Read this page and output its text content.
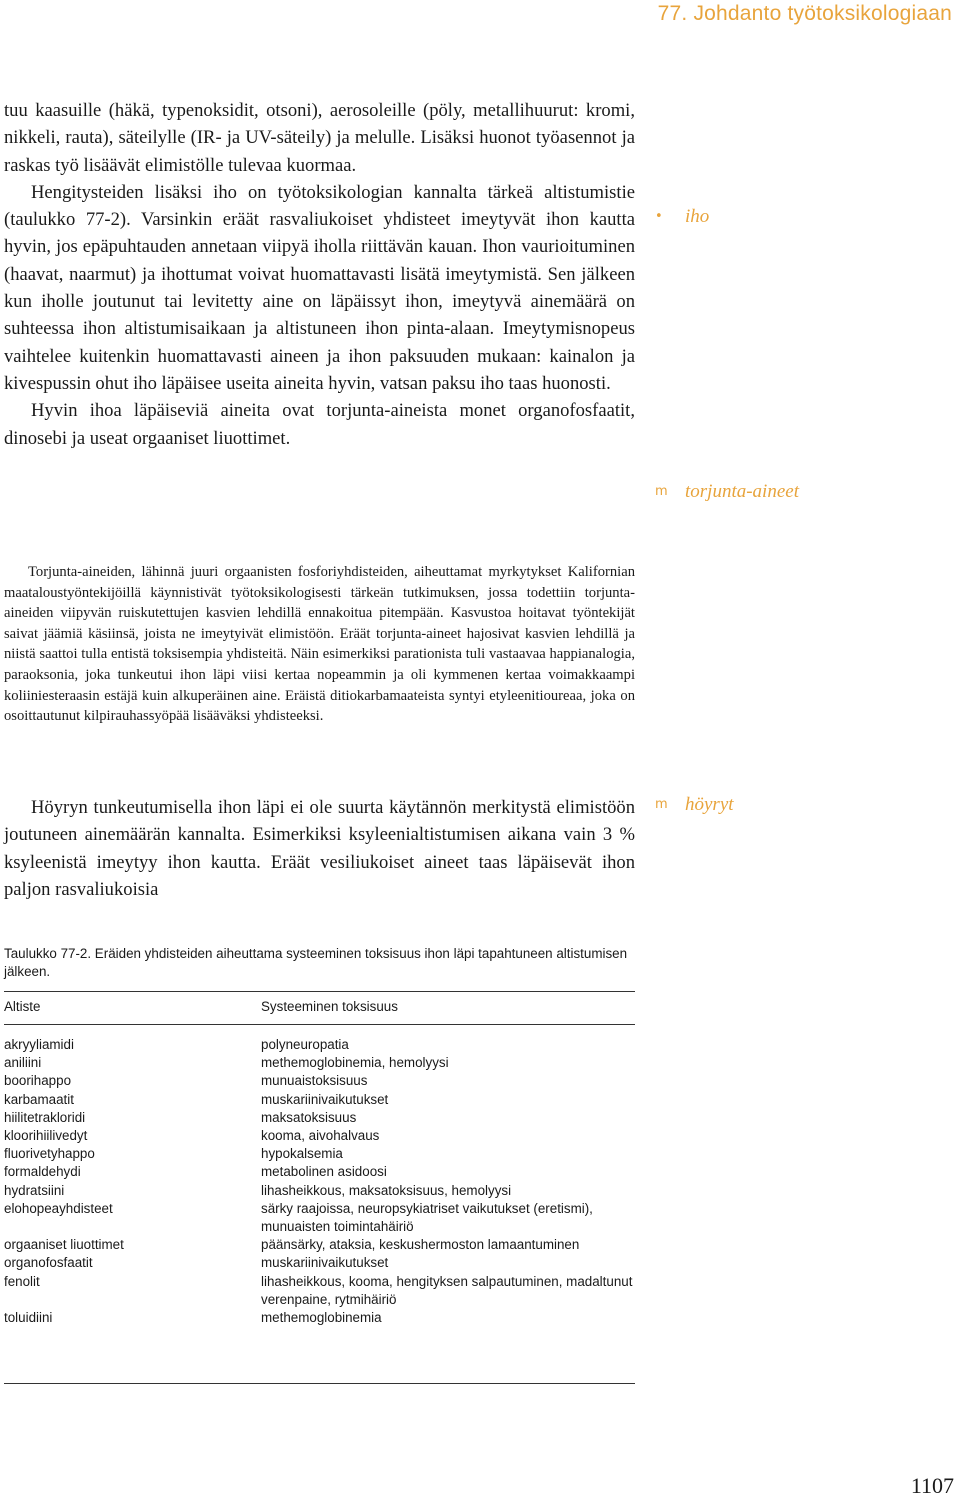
77. Johdanto työtoksikologiaan

tuu kaasuille (häkä, typenoksidit, otsoni), aerosoleille (pöly, metallihuurut: kromi, nikkeli, rauta), säteilylle (IR- ja UV-säteily) ja melulle. Lisäksi huonot työasennot ja raskas työ lisäävät elimistölle tulevaa kuormaa.

Hengitysteiden lisäksi iho on työtoksikologian kannalta tärkeä altistumistie (taulukko 77-2). Varsinkin eräät rasvaliukoiset yhdisteet imeytyvät ihon kautta hyvin, jos epäpuhtauden annetaan viipyä iholla riittävän kauan. Ihon vaurioituminen (haavat, naarmut) ja ihottumat voivat huomattavasti lisätä imeytymistä. Sen jälkeen kun iholle joutunut tai levitetty aine on läpäissyt ihon, imeytyvä ainemäärä on suhteessa ihon altistumisaikaan ja altistuneen ihon pinta-alaan. Imeytymisnopeus vaihtelee kuitenkin huomattavasti aineen ja ihon paksuuden mukaan: kainalon ja kivespussin ohut iho läpäisee useita aineita hyvin, vatsan paksu iho taas huonosti.

Hyvin ihoa läpäiseviä aineita ovat torjunta-aineista monet organofosfaatit, dinosebi ja useat orgaaniset liuottimet.

• iho
m torjunta-aineet
m höyryt

Torjunta-aineiden, lähinnä juuri orgaanisten fosforiyhdisteiden, aiheuttamat myrkytykset Kalifornian maataloustyöntekijöillä käynnistivät työtoksikologisesti tärkeän tutkimuksen, jossa todettiin torjunta-aineiden viipyvän ruiskutettujen kasvien lehdillä ennakoitua pitempään. Kasvustoa hoitavat työntekijät saivat jäämiä käsiinsä, joista ne imeytyivät elimistöön. Eräät torjunta-aineet hajosivat kasvien lehdillä ja niistä saattoi tulla entistä toksisempia yhdisteitä. Näin esimerkiksi parationista tuli vastaavaa happianalogia, paraoksonia, joka tunkeutui ihon läpi viisi kertaa nopeammin ja oli kymmenen kertaa voimakkaampi koliiniesteraasin estäjä kuin alkuperäinen aine. Eräistä ditiokarbamaateista syntyi etyleenitioureaa, joka on osoittautunut kilpirauhassyöpää lisääväksi yhdisteeksi.

Höyryn tunkeutumisella ihon läpi ei ole suurta käytännön merkitystä elimistöön joutuneen ainemäärän kannalta. Esimerkiksi ksyleenialtistumisen aikana vain 3 % ksyleenistä imeytyy ihon kautta. Eräät vesiliukoiset aineet taas läpäisevät ihon paljon rasvaliukoisia

Taulukko 77-2. Eräiden yhdisteiden aiheuttama systeeminen toksisuus ihon läpi tapahtuneen altistumisen jälkeen.
Altiste	Systeeminen toksisuus
akryyliamidi	polyneuropatia
aniliini	methemoglobinemia, hemolyysi
boorihappo	munuaistoksisuus
karbamaatit	muskariinivaikutukset
hiilitetrakloridi	maksatoksisuus
kloorihiilivedyt	kooma, aivohalvaus
fluorivetyhappo	hypokalsemia
formaldehydi	metabolinen asidoosi
hydratsiini	lihasheikkous, maksatoksisuus, hemolyysi
elohopeayhdisteet	särky raajoissa, neuropsykiatriset vaikutukset (eretismi), munuaisten toimintahäiriö
orgaaniset liuottimet	päänsärky, ataksia, keskushermoston lamaantuminen
organofosfaatit	muskariinivaikutukset
fenolit	lihasheikkous, kooma, hengityksen salpautuminen, madaltunut verenpaine, rytmihäiriö
toluidiini	methemoglobinemia
1107
